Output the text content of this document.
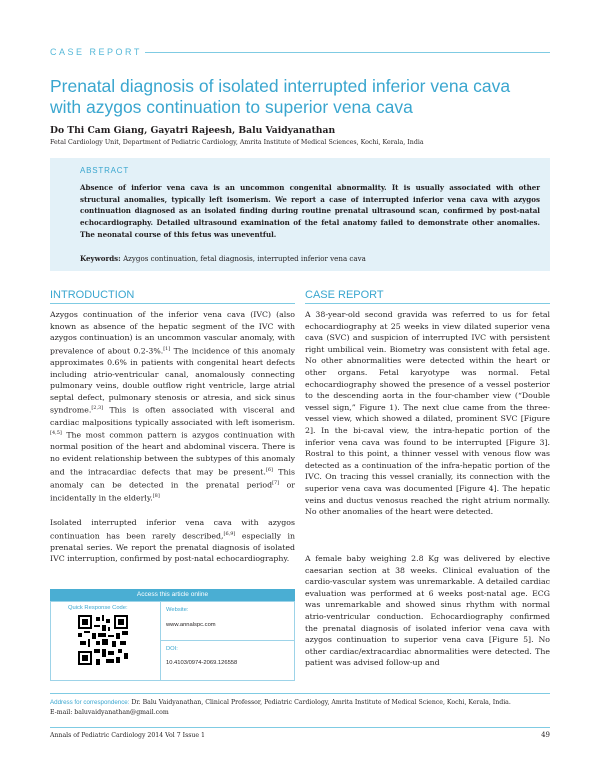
CASE REPORT
Prenatal diagnosis of isolated interrupted inferior vena cava
with azygos continuation to superior vena cava
Do Thi Cam Giang, Gayatri Rajeesh, Balu Vaidyanathan
Fetal Cardiology Unit, Department of Pediatric Cardiology, Amrita Institute of Medical Sciences, Kochi, Kerala, India
ABSTRACT
Absence of inferior vena cava is an uncommon congenital abnormality. It is usually associated with other structural anomalies, typically left isomerism. We report a case of interrupted inferior vena cava with azygos continuation diagnosed as an isolated finding during routine prenatal ultrasound scan, confirmed by post-natal echocardiography. Detailed ultrasound examination of the fetal anatomy failed to demonstrate other anomalies. The neonatal course of this fetus was uneventful.
Keywords: Azygos continuation, fetal diagnosis, interrupted inferior vena cava
INTRODUCTION
Azygos continuation of the inferior vena cava (IVC) (also known as absence of the hepatic segment of the IVC with azygos continuation) is an uncommon vascular anomaly, with prevalence of about 0.2-3%.[1] The incidence of this anomaly approximates 0.6% in patients with congenital heart defects including atrio-ventricular canal, anomalously connecting pulmonary veins, double outflow right ventricle, large atrial septal defect, pulmonary stenosis or atresia, and sick sinus syndrome.[2,3] This is often associated with visceral and cardiac malpositions typically associated with left isomerism.[4,5] The most common pattern is azygos continuation with normal position of the heart and abdominal viscera. There is no evident relationship between the subtypes of this anomaly and the intracardiac defects that may be present.[6] This anomaly can be detected in the prenatal period[7] or incidentally in the elderly.[8]
Isolated interrupted inferior vena cava with azygos continuation has been rarely described,[6,9] especially in prenatal series. We report the prenatal diagnosis of isolated IVC interruption, confirmed by post-natal echocardiography.
Access this article online
Quick Response Code:	Website:
www.annalspc.com
DOI:
10.4103/0974-2069.126558
CASE REPORT
A 38-year-old second gravida was referred to us for fetal echocardiography at 25 weeks in view dilated superior vena cava (SVC) and suspicion of interrupted IVC with persistent right umbilical vein. Biometry was consistent with fetal age. No other abnormalities were detected within the heart or other organs. Fetal karyotype was normal. Fetal echocardiography showed the presence of a vessel posterior to the descending aorta in the four-chamber view (“Double vessel sign,” Figure 1). The next clue came from the three-vessel view, which showed a dilated, prominent SVC [Figure 2]. In the bi-caval view, the intra-hepatic portion of the inferior vena cava was found to be interrupted [Figure 3]. Rostral to this point, a thinner vessel with venous flow was detected as a continuation of the infra-hepatic portion of the IVC. On tracing this vessel cranially, its connection with the superior vena cava was documented [Figure 4]. The hepatic veins and ductus venosus reached the right atrium normally. No other anomalies of the heart were detected.
A female baby weighing 2.8 Kg was delivered by elective caesarian section at 38 weeks. Clinical evaluation of the cardio-vascular system was unremarkable. A detailed cardiac evaluation was performed at 6 weeks post-natal age. ECG was unremarkable and showed sinus rhythm with normal atrio-ventricular conduction. Echocardiography confirmed the prenatal diagnosis of isolated inferior vena cava with azygos continuation to superior vena cava [Figure 5]. No other cardiac/extracardiac abnormalities were detected. The patient was advised follow-up and
Address for correspondence: Dr. Balu Vaidyanathan, Clinical Professor, Pediatric Cardiology, Amrita Institute of Medical Science, Kochi, Kerala, India.
E-mail: baluvaidyanathan@gmail.com
Annals of Pediatric Cardiology 2014 Vol 7 Issue 1	49
